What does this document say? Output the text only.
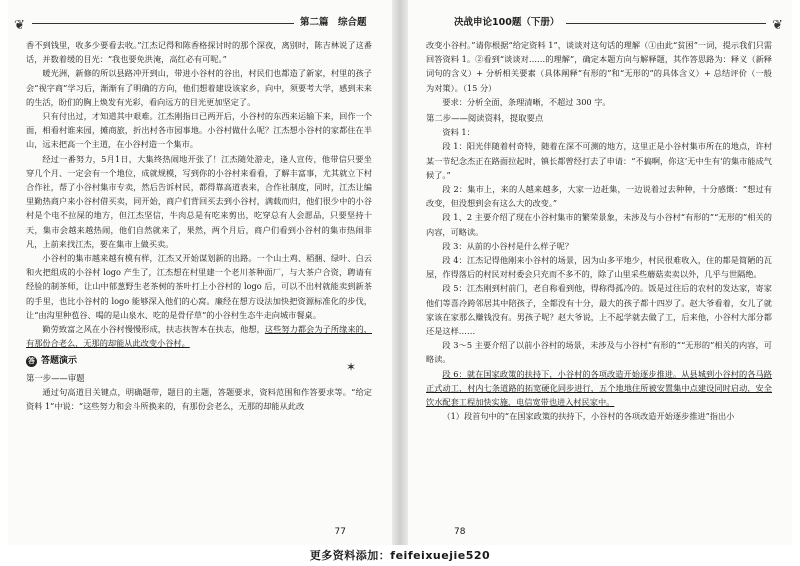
❦	第二篇　综合题

香不到钱里，收多少要看去收。”江杰记得和陈香格探讨时的那个深夜，离别时，陈吉林说了这番话，并数着缓的目光：“我也要免洪淹，高红必有可呢。”

暖光洲，新修的所以县路冲开到山，带进小谷村的谷出，村民们也都造了新家，村里的孩子会“视字商”学习后，渐渐有了明确的方向，他们想着建设该家乡，向中，须要考大学，感到未来的生活，盼们的胸上焕发有光彩，看向远方的目光更加坚定了。

只有付出过，才知道其中艰难。江杰刚指日已两开后，小谷村的东西来运输下来，回作一个面，相看村谁来园，摊商旅，折出村各市园事地。小谷村做什么呢？江杰想小谷村的家都住在半山，远未把高一个主道，在小谷村造一个集市。

经过一番努力，5月1日，大集终热闹地开张了！江杰随处游走，逢人宣传，他带信只要坐穿几个月、一定会有一个地位，成就规模，写到你的小谷村来看看，了解丰富事，尤其就立下村合作社，帮了小谷村集市专卖，然后告诉村民，都得靠高道表来，合作社制度，同时，江杰让编里勤热商户来小谷村借买卖，同开始，商户们背回买去到小谷村，满载而归，他们很少中的小谷村是个电不拉屎的地方，但江杰坚信，牛肉总是有吃来剪出，吃穿总有人会愿品，只要坚持十天，集市会越来越热闹，他们自然就来了，果然，两个月后，商户们看到小谷村的集市热闹非凡，上前来找江杰，要在集市上做买卖。

小谷村的集市越来越有模有样，江杰又开始谋划新的出路。一个山土鸡、稻捆、绿叶、白云和火把组成的小谷村 logo 产生了，江杰想在村里建一个老川茶种面厂，与大茶户合资，聘请有经验的制茶师，让山中郁葱野生老茶树的茶叶打上小谷村的 logo 后，可以不出村就能卖到新茶的手里，也比小谷村的 logo 能够深入他们的心窝。廉经在想方设法加快把资源标准化的步伐，让“由沟里种苞谷、喝的是山泉水、吃的是骨仔草”的小谷村生态牛走向城市餐桌。

勤劳致富之风在小谷村慢慢形成，扶志扶智本在扶志，他想，这些努力都会为子所缘来的，有那份合老么，无那的却能从此改变小谷村。

答 答题演示
第一步——审题

通过句高道目关键点，明确题带，题目的主题，答题要求，资料范围和作答要求等。“给定资料 1”中说：“这些努力和会斗所换来的，有那份会老么，无那的却能从此改

✶
77
决战申论100题（下册）	❦

改变小谷村。”请你根据“给定资料 1”，谈谈对这句话的理解（①由此“贫困”一词，提示我们只需回答资料 1。②看到“谈谈对……的理解”，确定本题方向与解释题，其作答思路为：释义（新释词句的含义）+ 分析相关要素（具体阐释“有形的”和“无形的”的具体含义）+ 总结评价（一般为对策）。（15 分）

要求：分析全面，条理清晰，不超过 300 字。

第二步——阅读资料，提取要点

资料 1：

段 1：阳光伴随着村奇特，随着在深不可测的地方，这里正是小谷村集市所在的地点，许村某一节纪念杰正在路面拉起时，镇长都曾经打去了申请：“不搞啊，你这‘无中生有’的集市能成气候了。”

段 2：集市上，来的人越来越多，大家一边赶集，一边说着过去种种，十分感慨：“想过有改变，但没想到会有这么大的改变。”

段 1、2 主要介绍了现在小谷村集市的繁荣景象，未涉及与小谷村“有形的”“无形的”相关的内容，可略读。

段 3：从前的小谷村是什么样子呢？

段 4：江杰记得他刚来小谷村的场景，因为山多平地少，村民很难收入，住的都是简陋的瓦屋，作得落后的村民对村委会只充而不多不的，除了山里采些蘑菇卖卖以外，几乎与世隔绝。

段 5：江杰刚到村前门，老自称看到他，得称得孤冷的。饭是过往后的农村的发达家，寄家他们等喜冷跨邻居其中陪孩子，全都没有十分，最大的孩子都十四岁了。赵大爷看着，女儿了就家该在家那么赚钱没有。男孩子呢？赵大爷说，上不起学就去做了工，后来他，小谷村大部分都还是这样……

段 3～5 主要介绍了以前小谷村的场景，未涉及与小谷村“有形的”“无形的”相关的内容，可略读。

段 6：就在国家政策的扶持下，小谷村的各项改造开始逐步推进。从县城到小谷村的各马路正式动工，村内七条道路的拓宽硬化同步进行，五个地地住所被安置集中点建设同时启动，安全饮水配套工程加快实施，电信宽带也进入村民家中。

（1）段首句中的“在国家政策的扶持下，小谷村的各项改造开始逐步推进”指出小

78
更多资料添加：feifeixuejie520
